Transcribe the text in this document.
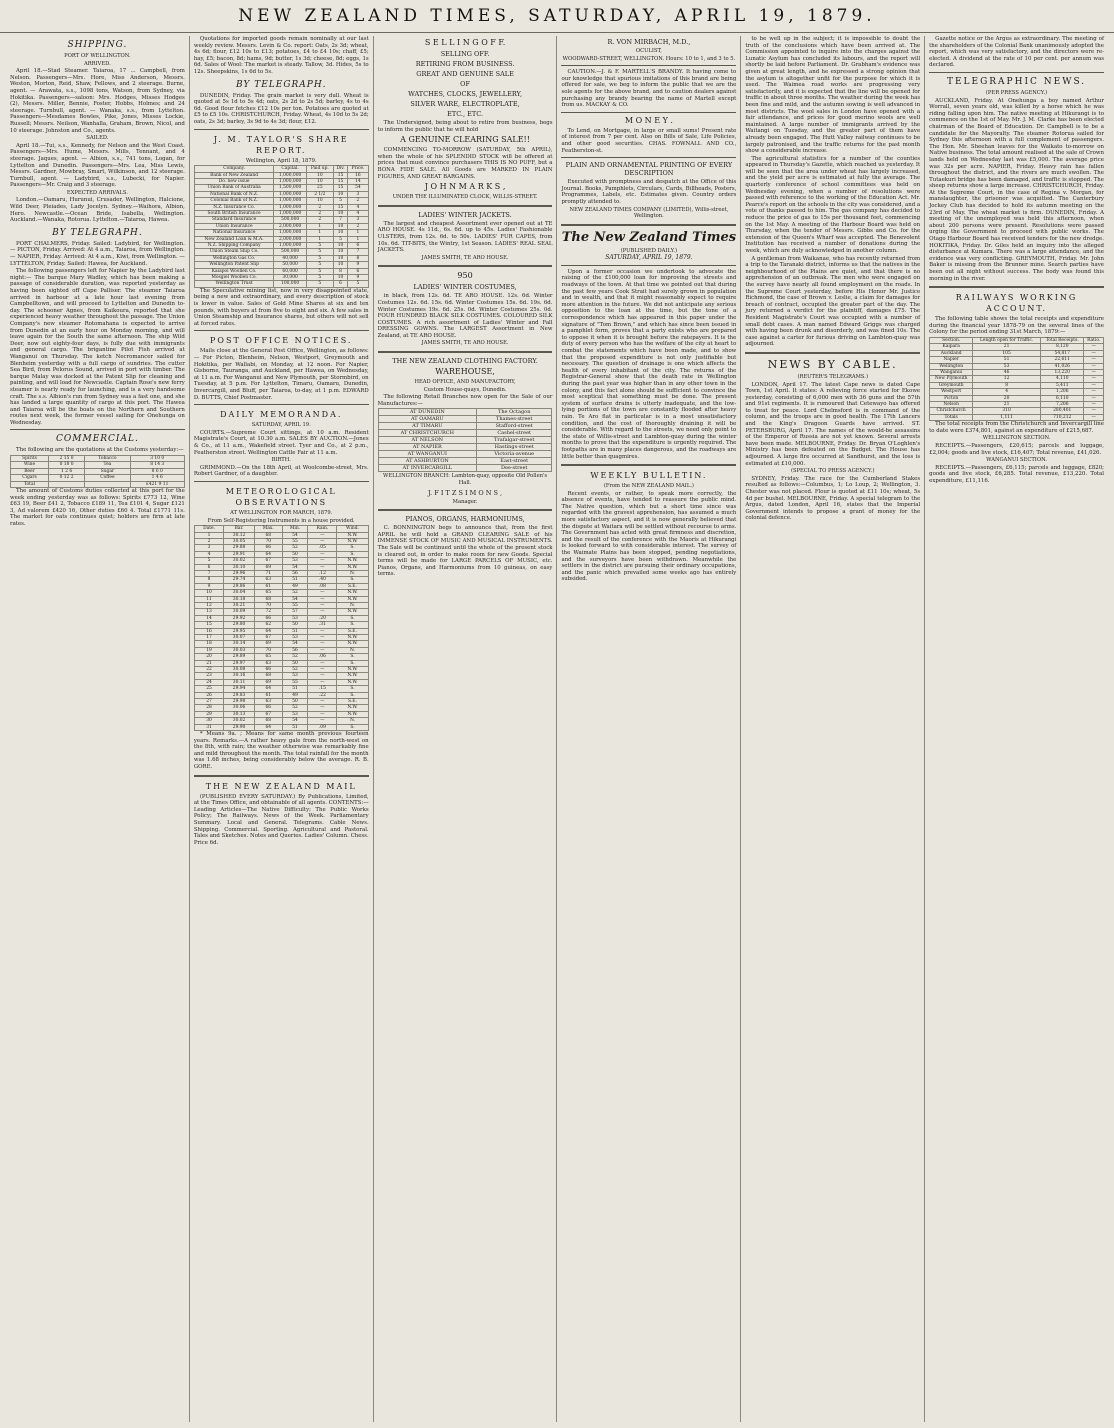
NEW ZEALAND TIMES, SATURDAY, APRIL 19, 1879.
SHIPPING.
PORT OF WELLINGTON.
ARRIVED.
April 18.—Stad Steamer. Taiaroa, 17 ... Campbell, from Nelson. Passengers—Mrs. Hore, Miss Anderson, Messrs. Weston, Morton, Reid, Shaw, Fellows, and 2 steerage. Burne, agent. — Arawata, s.s., 1098 tons, Watson, from Sydney, via Hokitika. Passengers—saloon: Mrs. Hodges, Misses Hodges (2), Messrs. Miller, Bennie, Foster, Hobbs, Holmes; and 24 steerage. Turnbull, agent. — Wanaka, s.s., from Lyttelton. Passengers—Mesdames Bowles, Pike, Jones, Misses Lockie, Russell; Messrs. Neilson, Wanhalla, Graham, Brown, Nicol, and 10 steerage. Johnston and Co., agents.
SAILED.
April 18.—Tui, s.s., Kennedy, for Nelson and the West Coast. Passengers—Mrs. Hume, Messrs. Mills, Tennant, and 4 steerage. Jaques, agent. — Albion, s.s., 741 tons, Logan, for Lyttelton and Dunedin. Passengers—Mrs. Lea, Miss Lewis, Messrs. Gardner, Mowbray, Smart, Wilkinson, and 12 steerage. Turnbull, agent. — Ladybird, s.s., Lubecki, for Napier. Passengers—Mr. Craig and 3 steerage.
EXPECTED ARRIVALS.
London.—Oamaru, Hurunui, Crusader, Wellington, Halcione, Wild Deer, Pleiades, Lady Jocelyn. Sydney.—Waihora, Albion, Hero. Newcastle.—Ocean Bride, Isabella, Wellington. Auckland.—Wanaka, Rotorua. Lyttelton.—Taiaroa, Hawea.
BY TELEGRAPH.
PORT CHALMERS, Friday. Sailed: Ladybird, for Wellington. — PICTON, Friday. Arrived: At 4 a.m., Taiaroa, from Wellington. — NAPIER, Friday. Arrived: At 4 a.m., Kiwi, from Wellington. — LYTTELTON, Friday. Sailed: Hawea, for Auckland.
The following passengers left for Napier by the Ladybird last night:— The barque Mary Wadley, which has been making a passage of considerable duration, was reported yesterday as having been sighted off Cape Palliser. The steamer Taiaroa arrived in harbour at a late hour last evening from Campbelltown, and will proceed to Lyttelton and Dunedin to-day. The schooner Agnes, from Kaikoura, reported that she experienced heavy weather throughout the passage. The Union Company's new steamer Rotomahana is expected to arrive from Dunedin at an early hour on Monday morning, and will leave again for the South the same afternoon. The ship Wild Deer, now out eighty-four days, is fully due with immigrants and general cargo. The brigantine Pilot Fish arrived at Wanganui on Thursday. The ketch Necromancer sailed for Blenheim yesterday with a full cargo of sundries. The cutter Sea Bird, from Pelorus Sound, arrived in port with timber. The barque Malay was docked at the Patent Slip for cleaning and painting, and will load for Newcastle. Captain Rose's new ferry steamer is nearly ready for launching, and is a very handsome craft. The s.s. Albion's run from Sydney was a fast one, and she has landed a large quantity of cargo at this port. The Hawea and Taiaroa will be the boats on the Northern and Southern routes next week, the former vessel sailing for Onehunga on Wednesday.
COMMERCIAL.
The following are the quotations at the Customs yesterday:—
Spirits	2 15 0	Tobacco	3 10 0
Wine	0 18 0	Tea	8 14 3
Beer	1 2 6	Sugar	8 6 0
Cigars	0 12 2	Coffee	1 4 6
Total			£421 9 11
The amount of Customs duties collected at this port for the week ending yesterday was as follows: Spirits £773 12, Wine £63 19, Beer £41 2, Tobacco £189 11, Tea £101 4, Sugar £121 3, Ad valorem £420 16, Other duties £60 4. Total £1771 11s. The market for oats continues quiet; holders are firm at late rates.
Quotations for imported goods remain nominally at our last weekly review. Messrs. Levin & Co. report: Oats, 2s 3d; wheat, 4s 6d; flour, £12 10s to £13; potatoes, £4 to £4 10s; chaff, £5; hay, £5; bacon, 8d; hams, 9d; butter, 1s 3d; cheese, 8d; eggs, 1s 6d. Sales of Wool: The market is steady. Tallow, 3d. Hides, 5s to 12s. Sheepskins, 1s 6d to 5s.
BY TELEGRAPH.
DUNEDIN, Friday. The grain market is very dull. Wheat is quoted at 5s 1d to 5s 4d; oats, 2s 2d to 2s 5d; barley, 4s to 4s 6d. Good flour fetches £12 10s per ton. Potatoes are quoted at £5 to £5 10s. CHRISTCHURCH, Friday. Wheat, 4s 10d to 5s 2d; oats, 2s 3d; barley, 3s 9d to 4s 3d; flour, £12.
J. M. TAYLOR'S SHARE REPORT.
Wellington, April 18, 1879.
Company.	Capital.	Paid up.	Div.	Price.
Bank of New Zealand	1,000,000	10	15	16
Do. new issue	1,000,000	10	15	14
Union Bank of Australia	1,500,000	25	15	54
National Bank of N.Z.	1,000,000	2 1/2	10	3
Colonial Bank of N.Z.	1,000,000	10	5	2
N.Z. Insurance Co.	1,000,000	2	15	4
South British Insurance	1,000,000	2	10	4
Standard Insurance	500,000	2	7	3
Union Insurance	2,000,000	1	10	2
National Insurance	1,000,000	1	10	1
New Zealand Loan & M.A.	2,000,000	1	5	1
N.Z. Shipping Company	1,000,000	5	10	6
Union Steam Ship Co.	500,000	5	10	7
Wellington Gas Co.	40,000	5	10	8
Wellington Patent Slip	50,000	5	10	9
Kaiapoi Woollen Co.	60,000	5	8	6
Mosgiel Woollen Co.	30,000	5	10	9
Wellington Trust	100,000	5	6	5
The Speculative mining list, now in very disappointed state, being a new and extraordinary, and every description of stock is lower in value. Sales of Gold Mine Shares at six and ten pounds, with buyers at from five to eight and six. A few sales in Union Steamship and Insurance shares, but others will not sell at forced rates.
POST OFFICE NOTICES.
Mails close at the General Post Office, Wellington, as follows:— For Picton, Blenheim, Nelson, Westport, Greymouth and Hokitika, per Wallabi, on Monday, at 12 noon. For Napier, Gisborne, Tauranga, and Auckland, per Hawea, on Wednesday, at 11 a.m. For Wanganui and New Plymouth, per Stormbird, on Tuesday, at 5 p.m. For Lyttelton, Timaru, Oamaru, Dunedin, Invercargill, and Bluff, per Taiaroa, to-day, at 1 p.m. EDWARD D. BUTTS, Chief Postmaster.
DAILY MEMORANDA.
SATURDAY, APRIL 19.
COURTS.—Supreme Court sittings, at 10 a.m. Resident Magistrate's Court, at 10.30 a.m. SALES BY AUCTION.—Jones & Co., at 11 a.m., Wakefield street. Tyer and Co., at 2 p.m., Featherston street. Wellington Cattle Fair at 11 a.m.
BIRTH.
GRIMMOND.—On the 18th April, at Woolcombe-street, Mrs. Robert Gardner, of a daughter.
METEOROLOGICAL OBSERVATIONS
AT WELLINGTON FOR MARCH, 1879.
From Self-Registering Instruments in a house provided.
Date.	Bar.	Max.	Min.	Rain.	Wind.
1	30.12	68	54	—	N.W.
2	30.05	70	55	—	N.W.
3	29.88	66	52	.05	S.
4	29.91	64	50	—	S.
5	30.02	67	53	—	N.W.
6	30.10	69	54	—	N.W.
7	29.96	71	56	.12	N.
8	29.74	63	51	.40	S.
9	29.86	61	49	.08	S.E.
10	30.04	65	52	—	N.W.
11	30.18	68	54	—	N.W.
12	30.21	70	55	—	N.
13	30.09	72	57	—	N.W.
14	29.92	66	53	.20	S.
15	29.80	62	50	.31	S.
16	29.95	64	51	—	S.E.
17	30.07	67	53	—	N.W.
18	30.14	69	54	—	N.W.
19	30.03	70	56	—	N.
20	29.89	65	52	.06	S.
21	29.97	63	50	—	S.
22	30.08	66	52	—	N.W.
23	30.16	68	53	—	N.W.
24	30.11	69	55	—	N.W.
25	29.94	64	51	.15	S.
26	29.83	61	49	.22	S.
27	29.98	63	50	—	S.E.
28	30.06	66	52	—	N.W.
29	30.13	67	53	—	N.W.
30	30.02	68	54	—	N.
31	29.90	64	51	.09	S.
* Means 9a. ; Means for same month previous fourteen years. Remarks.—A rather heavy gale from the north-west on the 8th, with rain; the weather otherwise was remarkably fine and mild throughout the month. The total rainfall for the month was 1.68 inches, being considerably below the average. R. B. GORE.
THE NEW ZEALAND MAIL
(PUBLISHED EVERY SATURDAY.) By Publications, Limited, at the Times Office, and obtainable of all agents. CONTENTS:— Leading Articles—The Native Difficulty; The Public Works Policy; The Railways. News of the Week. Parliamentary Summary. Local and General. Telegrams. Cable News. Shipping. Commercial. Sporting. Agricultural and Pastoral. Tales and Sketches. Notes and Queries. Ladies' Column. Chess. Price 6d.
S E L L I N G O F F.
SELLING OFF.
RETIRING FROM BUSINESS.
GREAT AND GENUINE SALE
OF
WATCHES, CLOCKS, JEWELLERY,
SILVER WARE, ELECTROPLATE,
ETC., ETC.
The Undersigned, being about to retire from business, begs to inform the public that he will hold
A GENUINE CLEARING SALE!!
COMMENCING TO-MORROW (SATURDAY, 5th APRIL), when the whole of his SPLENDID STOCK will be offered at prices that must convince purchasers THIS IS NO PUFF, but a BONA FIDE SALE. All Goods are MARKED IN PLAIN FIGURES, AND GREAT BARGAINS.
J O H N M A R K S ,
UNDER THE ILLUMINATED CLOCK, WILLIS-STREET.
LADIES' WINTER JACKETS.
The largest and cheapest Assortment ever opened out at TE ARO HOUSE. 4s 11d., 6s. 6d. up to 45s. Ladies' Fashionable ULSTERS, from 12s. 6d. to 50s. LADIES' FUR CAPES, from 10s. 6d. TIT-BITS, the Wintry, 1st Season. LADIES' REAL SEAL JACKETS.
JAMES SMITH, TE ARO HOUSE.
950
LADIES' WINTER COSTUMES,
in black, from 12s. 6d. TE ARO HOUSE. 12s. 6d. Winter Costumes 12s. 6d. 15s. 6d. Winter Costumes 15s. 6d. 19s. 6d. Winter Costumes 19s. 6d. 25s. 0d. Winter Costumes 25s. 0d. FOUR HUNDRED BLACK SILK COSTUMES. COLOURED SILK COSTUMES. A rich assortment of Ladies' Winter and Fall DRESSING GOWNS. The LARGEST Assortment in New Zealand, at TE ARO HOUSE.
JAMES SMITH, TE ARO HOUSE.
THE NEW ZEALAND CLOTHING FACTORY.
WAREHOUSE,
HEAD OFFICE, AND MANUFACTORY,
Custom House-quays, Dunedin.
The following Retail Branches now open for the Sale of our Manufactures:—
AT DUNEDIN	The Octagon
AT OAMARU	Thames-street
AT TIMARU	Stafford-street
AT CHRISTCHURCH	Cashel-street
AT NELSON	Trafalgar-street
AT NAPIER	Hastings-street
AT WANGANUI	Victoria-avenue
AT ASHBURTON	East-street
AT INVERCARGILL	Dee-street
WELLINGTON BRANCH: Lambton-quay, opposite Old Pollen's Hall.
J. F I T Z S I M O N S ,
Manager.
PIANOS, ORGANS, HARMONIUMS,
C. BONNINGTON begs to announce that, from the first APRIL he will hold a GRAND CLEARING SALE of his IMMENSE STOCK OF MUSIC AND MUSICAL INSTRUMENTS. The Sale will be continued until the whole of the present stock is cleared out, in order to make room for new Goods. Special terms will be made for LARGE PARCELS OF MUSIC, etc. Pianos, Organs, and Harmoniums from 10 guineas, on easy terms.
R. VON MIRBACH, M.D.,
OCULIST,
WOODWARD-STREET, WELLINGTON. Hours: 10 to 1, and 3 to 5.
CAUTION.—J. & F. MARTELL'S BRANDY. It having come to our knowledge that spurious imitations of this brand are being offered for sale, we beg to inform the public that we are the sole agents for the above brand, and to caution dealers against purchasing any brandy bearing the name of Martell except from us. MACKAY & CO.
M O N E Y .
To Lend, on Mortgage, in large or small sums! Present rate of interest from 7 per cent. Also on Bills of Sale, Life Policies, and other good securities. CHAS. FOWNALL AND CO., Featherston-st.
PLAIN AND ORNAMENTAL PRINTING OF EVERY DESCRIPTION
Executed with promptness and despatch at the Office of this Journal. Books, Pamphlets, Circulars, Cards, Billheads, Posters, Programmes, Labels, etc. Estimates given. Country orders promptly attended to.
NEW ZEALAND TIMES COMPANY (LIMITED), Willis-street, Wellington.
The New Zealand Times
(PUBLISHED DAILY.)
SATURDAY, APRIL 19, 1879.
Upon a former occasion we undertook to advocate the raising of the £100,000 loan for improving the streets and roadways of the town. At that time we pointed out that during the past few years Cook Strait had surely grown in population and in wealth, and that it might reasonably expect to require more attention in the future. We did not anticipate any serious opposition to the loan at the time, but the tone of a correspondence which has appeared in this paper under the signature of "Tom Brown," and which has since been issued in a pamphlet form, proves that a party exists who are prepared to oppose it when it is brought before the ratepayers. It is the duty of every person who has the welfare of the city at heart to combat the statements which have been made, and to show that the proposed expenditure is not only justifiable but necessary. The question of drainage is one which affects the health of every inhabitant of the city. The returns of the Registrar-General show that the death rate in Wellington during the past year was higher than in any other town in the colony, and this fact alone should be sufficient to convince the most sceptical that something must be done. The present system of surface drains is utterly inadequate, and the low-lying portions of the town are constantly flooded after heavy rain. Te Aro flat in particular is in a most unsatisfactory condition, and the cost of thoroughly draining it will be considerable. With regard to the streets, we need only point to the state of Willis-street and Lambton-quay during the winter months to prove that the expenditure is urgently required. The footpaths are in many places dangerous, and the roadways are little better than quagmires.
WEEKLY BULLETIN.
(From the NEW ZEALAND MAIL.)
Recent events, or rather, to speak more correctly, the absence of events, have tended to reassure the public mind. The Native question, which but a short time since was regarded with the gravest apprehension, has assumed a much more satisfactory aspect, and it is now generally believed that the dispute at Waitara will be settled without recourse to arms. The Government has acted with great firmness and discretion, and the result of the conference with the Maoris at Hikurangi is looked forward to with considerable interest. The survey of the Waimate Plains has been stopped, pending negotiations, and the surveyors have been withdrawn. Meanwhile the settlers in the district are pursuing their ordinary occupations, and the panic which prevailed some weeks ago has entirely subsided.
to be well up in the subject; it is impossible to doubt the truth of the conclusions which have been arrived at. The Commission appointed to inquire into the charges against the Lunatic Asylum has concluded its labours, and the report will shortly be laid before Parliament. Dr. Grabham's evidence was given at great length, and he expressed a strong opinion that the asylum is altogether unfit for the purpose for which it is used. The Waimea road works are progressing very satisfactorily, and it is expected that the line will be opened for traffic in about three months. The weather during the week has been fine and mild, and the autumn sowing is well advanced in most districts. The wool sales in London have opened with a fair attendance, and prices for good merino wools are well maintained. A large number of immigrants arrived by the Waitangi on Tuesday, and the greater part of them have already been engaged. The Hutt Valley railway continues to be largely patronised, and the traffic returns for the past month show a considerable increase.
The agricultural statistics for a number of the counties appeared in Thursday's Gazette, which reached us yesterday. It will be seen that the area under wheat has largely increased, and the yield per acre is estimated at fully the average. The quarterly conference of school committees was held on Wednesday evening, when a number of resolutions were passed with reference to the working of the Education Act. Mr. Pearce's report on the schools in the city was considered, and a vote of thanks passed to him. The gas company has decided to reduce the price of gas to 15s per thousand feet, commencing on the 1st May. A meeting of the Harbour Board was held on Thursday, when the tender of Messrs. Gibbs and Co. for the extension of the Queen's Wharf was accepted. The Benevolent Institution has received a number of donations during the week, which are duly acknowledged in another column.
A gentleman from Waikanae, who has recently returned from a trip to the Taranaki district, informs us that the natives in the neighbourhood of the Plains are quiet, and that there is no apprehension of an outbreak. The men who were engaged on the survey have nearly all found employment on the roads. In the Supreme Court yesterday, before His Honor Mr. Justice Richmond, the case of Brown v. Leslie, a claim for damages for breach of contract, occupied the greater part of the day. The jury returned a verdict for the plaintiff, damages £75. The Resident Magistrate's Court was occupied with a number of small debt cases. A man named Edward Griggs was charged with having been drunk and disorderly, and was fined 10s. The case against a carter for furious driving on Lambton-quay was adjourned.
NEWS BY CABLE.
(REUTER'S TELEGRAMS.)
LONDON, April 17. The latest Cape news is dated Cape Town, 1st April. It states: A relieving force started for Ekowe yesterday, consisting of 6,000 men with 36 guns and the 57th and 91st regiments. It is rumoured that Cetewayo has offered to treat for peace. Lord Chelmsford is in command of the column, and the troops are in good health. The 17th Lancers and the King's Dragoon Guards have arrived. ST. PETERSBURG, April 17. The names of the would-be assassins of the Emperor of Russia are not yet known. Several arrests have been made. MELBOURNE, Friday. Dr. Bryan O'Loghlen's Ministry has been defeated on the Budget. The House has adjourned. A large fire occurred at Sandhurst, and the loss is estimated at £10,000.
(SPECIAL TO PRESS AGENCY.)
SYDNEY, Friday. The race for the Cumberland Stakes resulted as follows:—Columbus, 1; Lo Loup, 2; Wellington, 3. Chester was not placed. Flour is quoted at £11 10s; wheat, 5s 4d per bushel. MELBOURNE, Friday. A special telegram to the Argus, dated London, April 16, states that the Imperial Government intends to propose a grant of money for the colonial defence.
Gazette notice or the Argus as extraordinary. The meeting of the shareholders of the Colonial Bank unanimously adopted the report, which was very satisfactory, and the directors were re-elected. A dividend at the rate of 10 per cent. per annum was declared.
TELEGRAPHIC NEWS.
(PER PRESS AGENCY.)
AUCKLAND, Friday. At Onehunga a boy named Arthur Worrall, seven years old, was killed by a horse which he was riding falling upon him. The native meeting at Hikurangi is to commence on the 1st of May. Mr. J. M. Clarke has been elected chairman of the Board of Education. Dr. Campbell is to be a candidate for the Mayoralty. The steamer Rotorua sailed for Sydney this afternoon with a full complement of passengers. The Hon. Mr. Sheehan leaves for the Waikato to-morrow on Native business. The total amount realised at the sale of Crown lands held on Wednesday last was £5,000. The average price was 32s per acre. NAPIER, Friday. Heavy rain has fallen throughout the district, and the rivers are much swollen. The Tutaekuri bridge has been damaged, and traffic is stopped. The sheep returns show a large increase. CHRISTCHURCH, Friday. At the Supreme Court, in the case of Regina v. Morgan, for manslaughter, the prisoner was acquitted. The Canterbury Jockey Club has decided to hold its autumn meeting on the 23rd of May. The wheat market is firm. DUNEDIN, Friday. A meeting of the unemployed was held this afternoon, when about 200 persons were present. Resolutions were passed urging the Government to proceed with public works. The Otago Harbour Board has received tenders for the new dredge. HOKITIKA, Friday. Dr. Giles held an inquiry into the alleged disturbance at Kumara. There was a large attendance, and the evidence was very conflicting. GREYMOUTH, Friday. Mr. John Baker is missing from the Brunner mine. Search parties have been out all night without success. The body was found this morning in the river.
RAILWAYS WORKING ACCOUNT.
The following table shows the total receipts and expenditure during the financial year 1878-79 on the several lines of the Colony for the period ending 31st March, 1879:—
Section.	Length open for Traffic.	Total Receipts.	Ratio.
Kaipara	21	8,120	—
Auckland	105	54,817	—
Napier	51	22,611	—
Wellington	53	41,026	—
Wanganui	46	13,220	—
New Plymouth	12	4,110	—
Greymouth	8	5,411	—
Westport	4	1,206	—
Picton	20	6,110	—
Nelson	21	7,206	—
Christchurch	310	280,401	—
Totals	1,111	710,212	—
The total receipts from the Christchurch and Invercargill line to date were £374,801, against an expenditure of £215,687.
WELLINGTON SECTION.
RECEIPTS.—Passengers, £20,615; parcels and luggage, £2,004; goods and live stock, £16,407; Total revenue, £41,026.
WANGANUI SECTION.
RECEIPTS.—Passengers, £6,115; parcels and luggage, £820; goods and live stock, £6,285. Total revenue, £13,220. Total expenditure, £11,116.
